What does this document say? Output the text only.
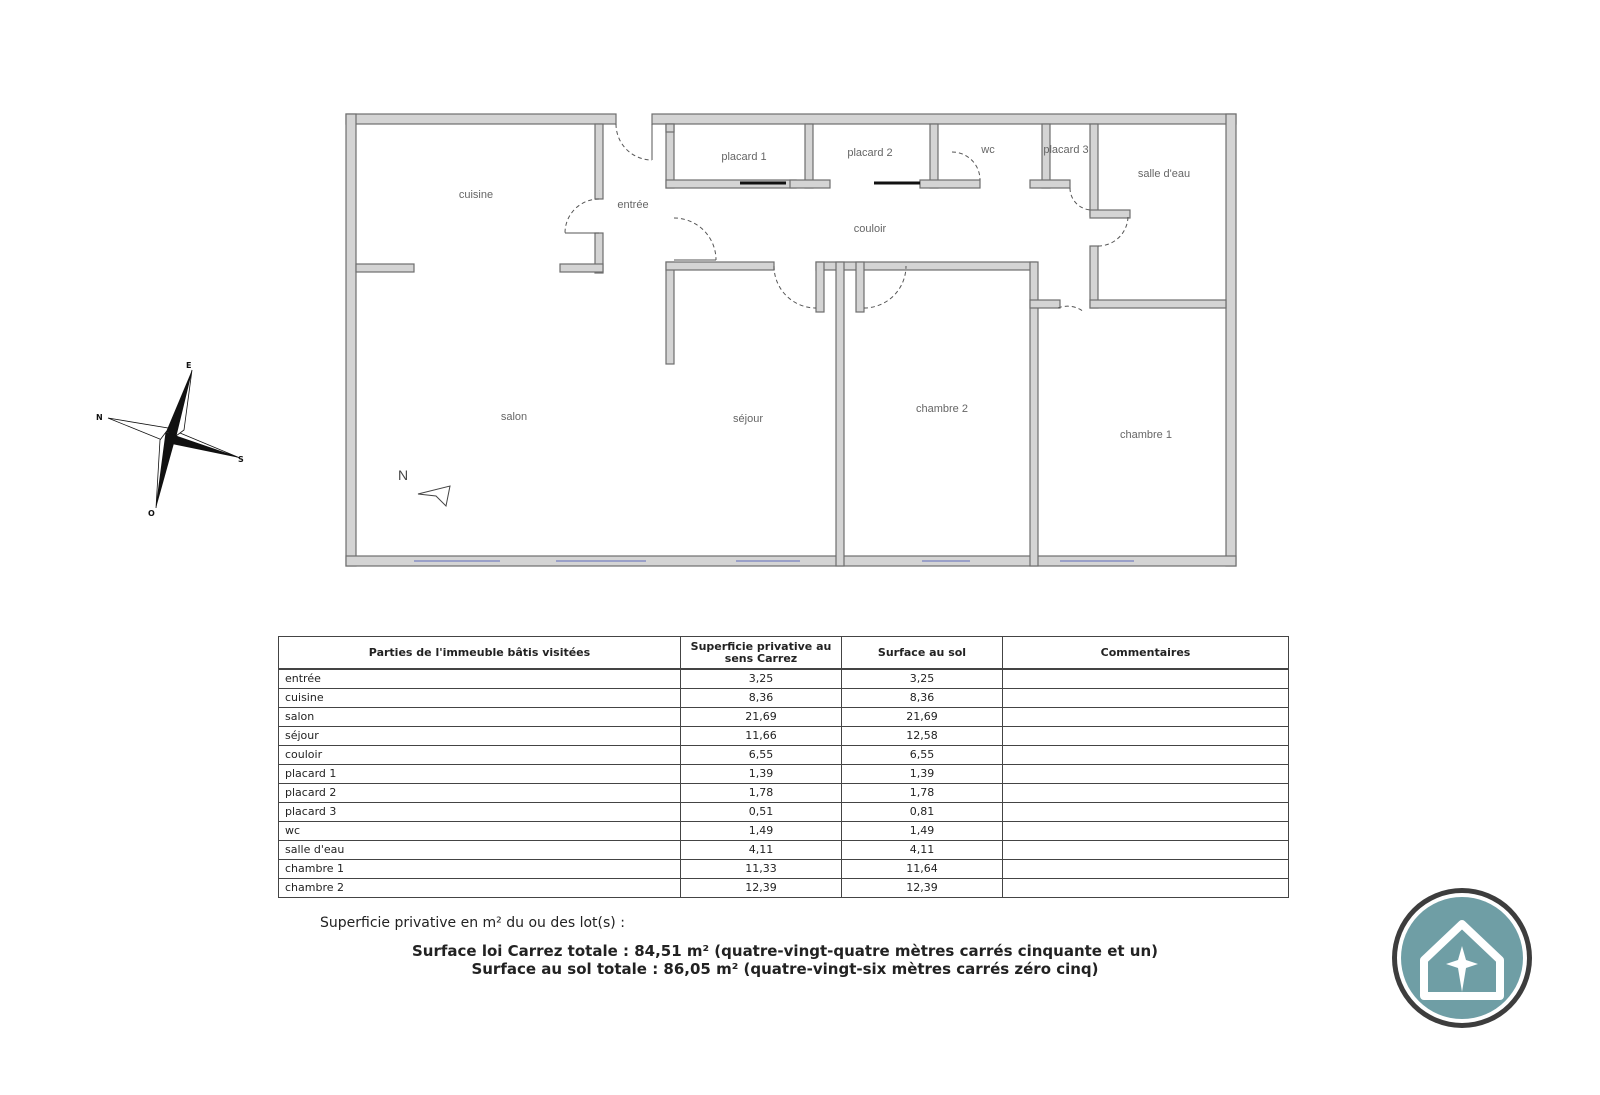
cuisine
entrée
placard 1	placard 2	wc	placard 3
salle d'eau
couloir
salon	séjour
chambre 2
chambre 1
N
N
E
S
O
Parties de l'immeuble bâtis visitées	Superficie privative au
sens Carrez	Surface au sol	Commentaires
entrée	3,25	3,25	
cuisine	8,36	8,36	
salon	21,69	21,69	
séjour	11,66	12,58	
couloir	6,55	6,55	
placard 1	1,39	1,39	
placard 2	1,78	1,78	
placard 3	0,51	0,81	
wc	1,49	1,49	
salle d'eau	4,11	4,11	
chambre 1	11,33	11,64	
chambre 2	12,39	12,39	
Superficie privative en m² du ou des lot(s) :
Surface loi Carrez totale : 84,51 m² (quatre-vingt-quatre mètres carrés cinquante et un)
Surface au sol totale : 86,05 m² (quatre-vingt-six mètres carrés zéro cinq)
